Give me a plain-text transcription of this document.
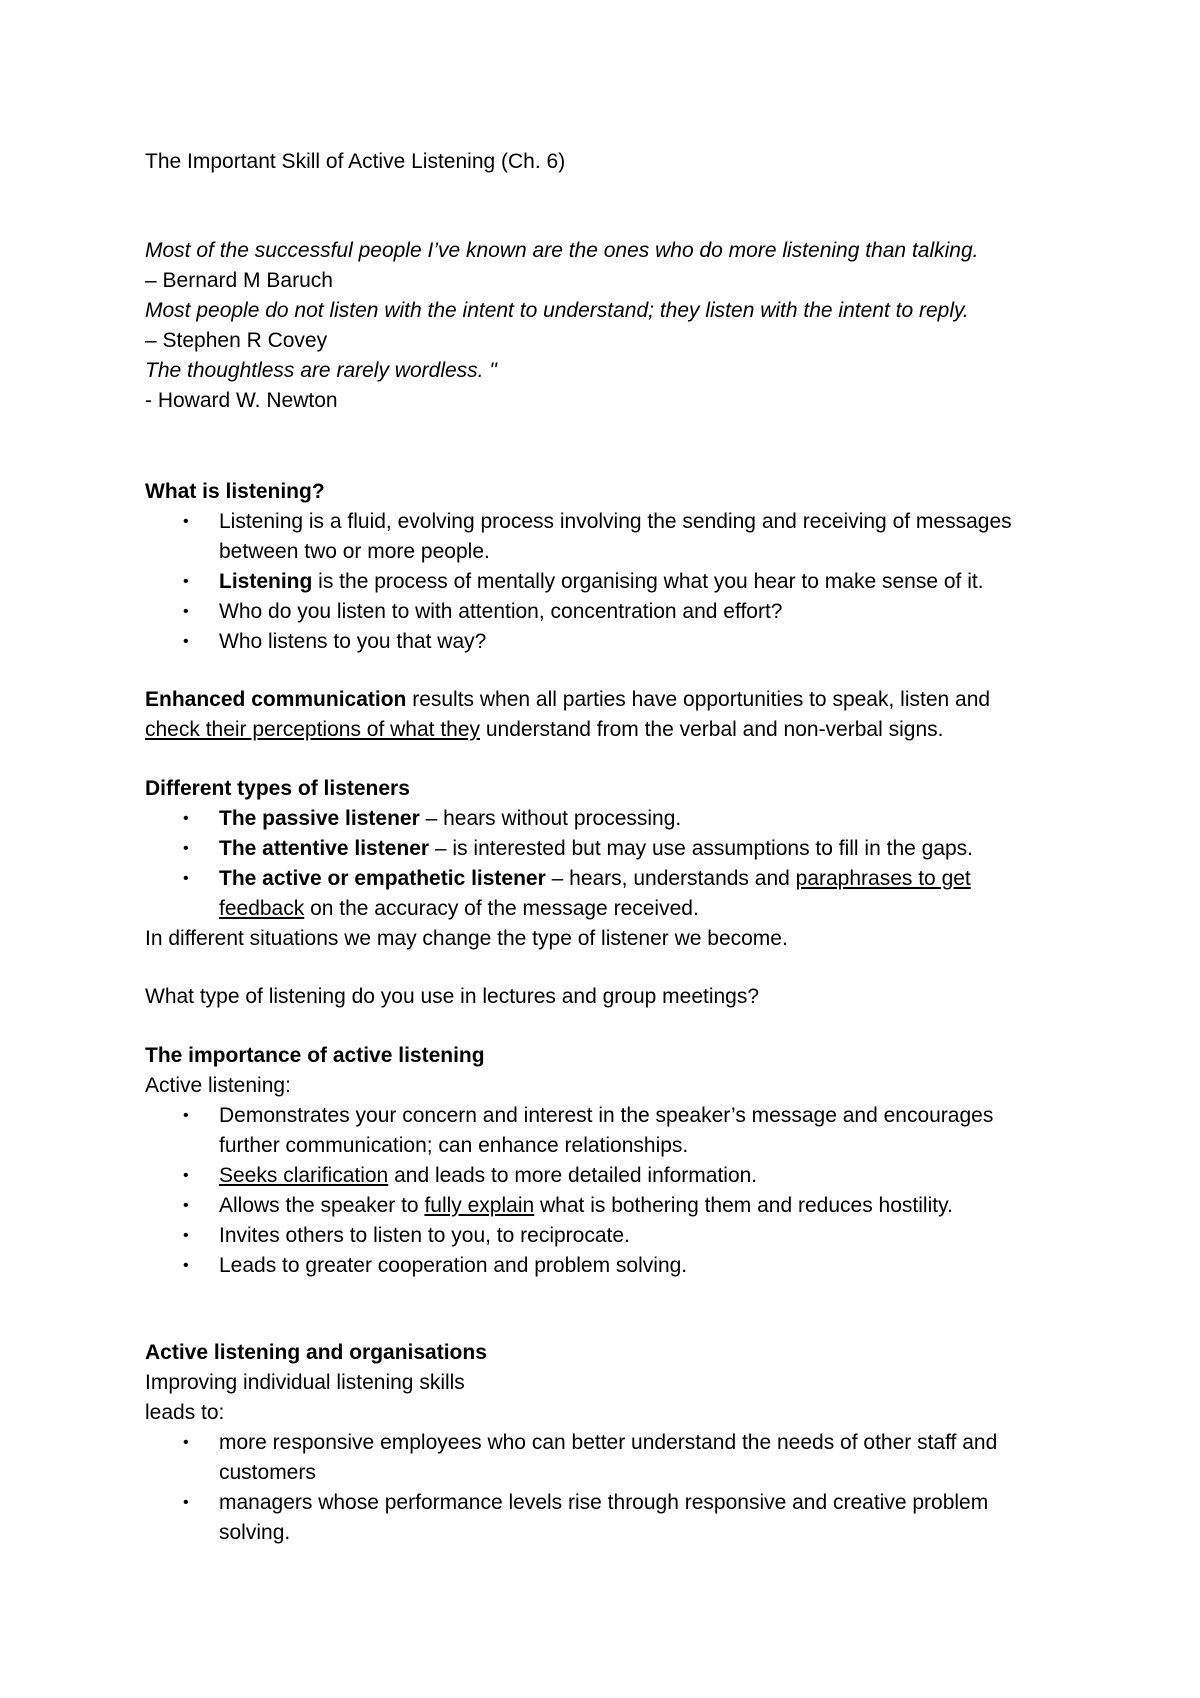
The Important Skill of Active Listening (Ch. 6)
Most of the successful people I’ve known are the ones who do more listening than talking.
– Bernard M Baruch
Most people do not listen with the intent to understand; they listen with the intent to reply.
– Stephen R Covey
The thoughtless are rarely wordless. "
- Howard W. Newton
What is listening?
• Listening is a fluid, evolving process involving the sending and receiving of messages
between two or more people.
• Listening is the process of mentally organising what you hear to make sense of it.
• Who do you listen to with attention, concentration and effort?
• Who listens to you that way?
Enhanced communication results when all parties have opportunities to speak, listen and
check their perceptions of what they understand from the verbal and non-verbal signs.
Different types of listeners
• The passive listener – hears without processing.
• The attentive listener – is interested but may use assumptions to fill in the gaps.
• The active or empathetic listener – hears, understands and paraphrases to get
feedback on the accuracy of the message received.
In different situations we may change the type of listener we become.
What type of listening do you use in lectures and group meetings?
The importance of active listening
Active listening:
• Demonstrates your concern and interest in the speaker’s message and encourages
further communication; can enhance relationships.
• Seeks clarification and leads to more detailed information.
• Allows the speaker to fully explain what is bothering them and reduces hostility.
• Invites others to listen to you, to reciprocate.
• Leads to greater cooperation and problem solving.
Active listening and organisations
Improving individual listening skills
leads to:
• more responsive employees who can better understand the needs of other staff and
customers
• managers whose performance levels rise through responsive and creative problem
solving.
